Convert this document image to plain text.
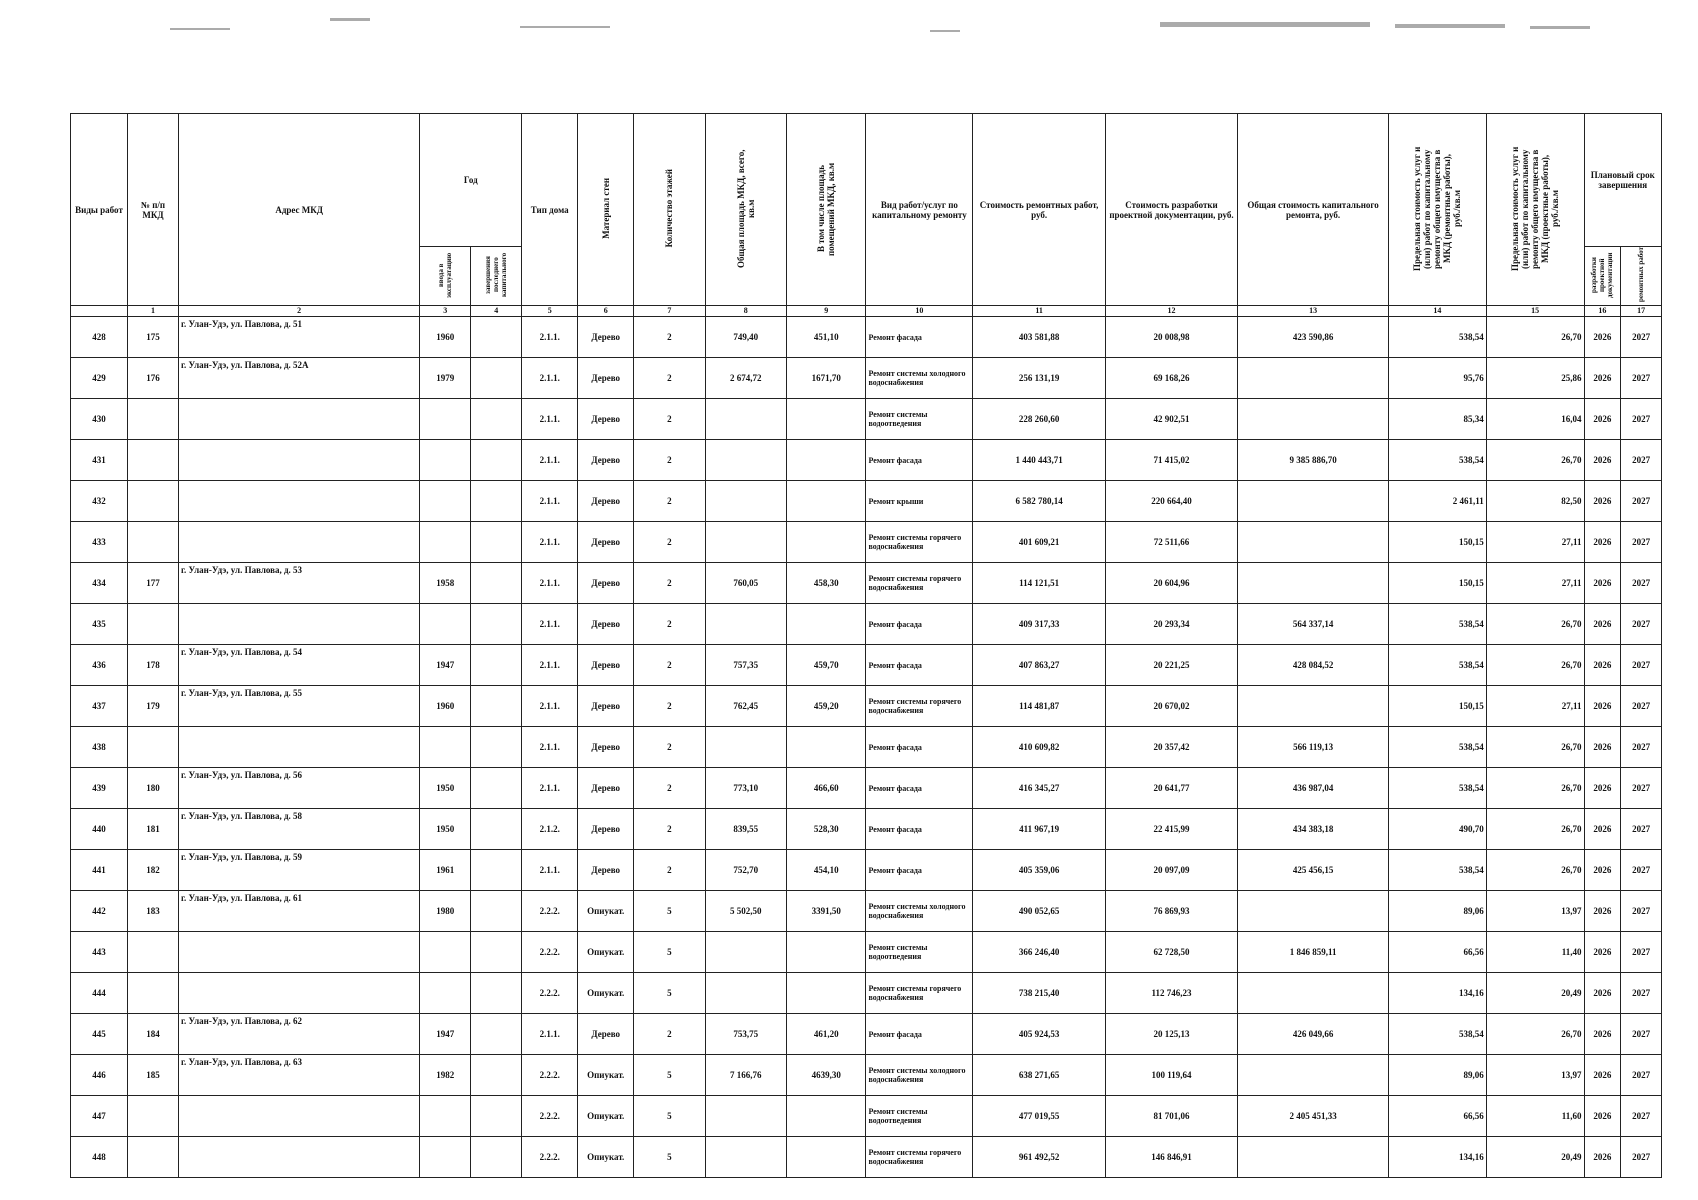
Виды работ	№ п/п МКД	Адрес МКД	Год		Тип дома	Материал стен	Количество этажей	Общая площадь МКД, всего, кв.м	В том числе площадь помещений МКД, кв.м	Вид работ/услуг по капитальному ремонту	Стоимость ремонтных работ, руб.	Стоимость разработки проектной документации, руб.	Общая стоимость капитального ремонта, руб.	Предельная стоимость услуг и (или) работ по капитальному ремонту общего имущества в МКД (ремонтные работы), руб./кв.м	Предельная стоимость услуг и (или) работ по капитальному ремонту общего имущества в МКД (проектные работы), руб./кв.м	Плановый срок завершения	
			ввода в эксплуатацию	завершения последнего капитального												разработки проектной документации	ремонтных работ
	1	2	3	4	5	6	7	8	9	10	11	12	13	14	15	16	17
428	175	г. Улан-Удэ, ул. Павлова, д. 51	1960		2.1.1.	Дерево	2	749,40	451,10	Ремонт фасада	403 581,88	20 008,98	423 590,86	538,54	26,70	2026	2027
429	176	г. Улан-Удэ, ул. Павлова, д. 52А	1979		2.1.1.	Дерево	2	2 674,72	1671,70	Ремонт системы холодного водоснабжения	256 131,19	69 168,26		95,76	25,86	2026	2027
430					2.1.1.	Дерево	2			Ремонт системы водоотведения	228 260,60	42 902,51		85,34	16,04	2026	2027
431					2.1.1.	Дерево	2			Ремонт фасада	1 440 443,71	71 415,02	9 385 886,70	538,54	26,70	2026	2027
432					2.1.1.	Дерево	2			Ремонт крыши	6 582 780,14	220 664,40		2 461,11	82,50	2026	2027
433					2.1.1.	Дерево	2			Ремонт системы горячего водоснабжения	401 609,21	72 511,66		150,15	27,11	2026	2027
434	177	г. Улан-Удэ, ул. Павлова, д. 53	1958		2.1.1.	Дерево	2	760,05	458,30	Ремонт системы горячего водоснабжения	114 121,51	20 604,96		150,15	27,11	2026	2027
435					2.1.1.	Дерево	2			Ремонт фасада	409 317,33	20 293,34	564 337,14	538,54	26,70	2026	2027
436	178	г. Улан-Удэ, ул. Павлова, д. 54	1947		2.1.1.	Дерево	2	757,35	459,70	Ремонт фасада	407 863,27	20 221,25	428 084,52	538,54	26,70	2026	2027
437	179	г. Улан-Удэ, ул. Павлова, д. 55	1960		2.1.1.	Дерево	2	762,45	459,20	Ремонт системы горячего водоснабжения	114 481,87	20 670,02		150,15	27,11	2026	2027
438					2.1.1.	Дерево	2			Ремонт фасада	410 609,82	20 357,42	566 119,13	538,54	26,70	2026	2027
439	180	г. Улан-Удэ, ул. Павлова, д. 56	1950		2.1.1.	Дерево	2	773,10	466,60	Ремонт фасада	416 345,27	20 641,77	436 987,04	538,54	26,70	2026	2027
440	181	г. Улан-Удэ, ул. Павлова, д. 58	1950		2.1.2.	Дерево	2	839,55	528,30	Ремонт фасада	411 967,19	22 415,99	434 383,18	490,70	26,70	2026	2027
441	182	г. Улан-Удэ, ул. Павлова, д. 59	1961		2.1.1.	Дерево	2	752,70	454,10	Ремонт фасада	405 359,06	20 097,09	425 456,15	538,54	26,70	2026	2027
442	183	г. Улан-Удэ, ул. Павлова, д. 61	1980		2.2.2.	Опиукат.	5	5 502,50	3391,50	Ремонт системы холодного водоснабжения	490 052,65	76 869,93		89,06	13,97	2026	2027
443					2.2.2.	Опиукат.	5			Ремонт системы водоотведения	366 246,40	62 728,50	1 846 859,11	66,56	11,40	2026	2027
444					2.2.2.	Опиукат.	5			Ремонт системы горячего водоснабжения	738 215,40	112 746,23		134,16	20,49	2026	2027
445	184	г. Улан-Удэ, ул. Павлова, д. 62	1947		2.1.1.	Дерево	2	753,75	461,20	Ремонт фасада	405 924,53	20 125,13	426 049,66	538,54	26,70	2026	2027
446	185	г. Улан-Удэ, ул. Павлова, д. 63	1982		2.2.2.	Опиукат.	5	7 166,76	4639,30	Ремонт системы холодного водоснабжения	638 271,65	100 119,64		89,06	13,97	2026	2027
447					2.2.2.	Опиукат.	5			Ремонт системы водоотведения	477 019,55	81 701,06	2 405 451,33	66,56	11,60	2026	2027
448					2.2.2.	Опиукат.	5			Ремонт системы горячего водоснабжения	961 492,52	146 846,91		134,16	20,49	2026	2027
